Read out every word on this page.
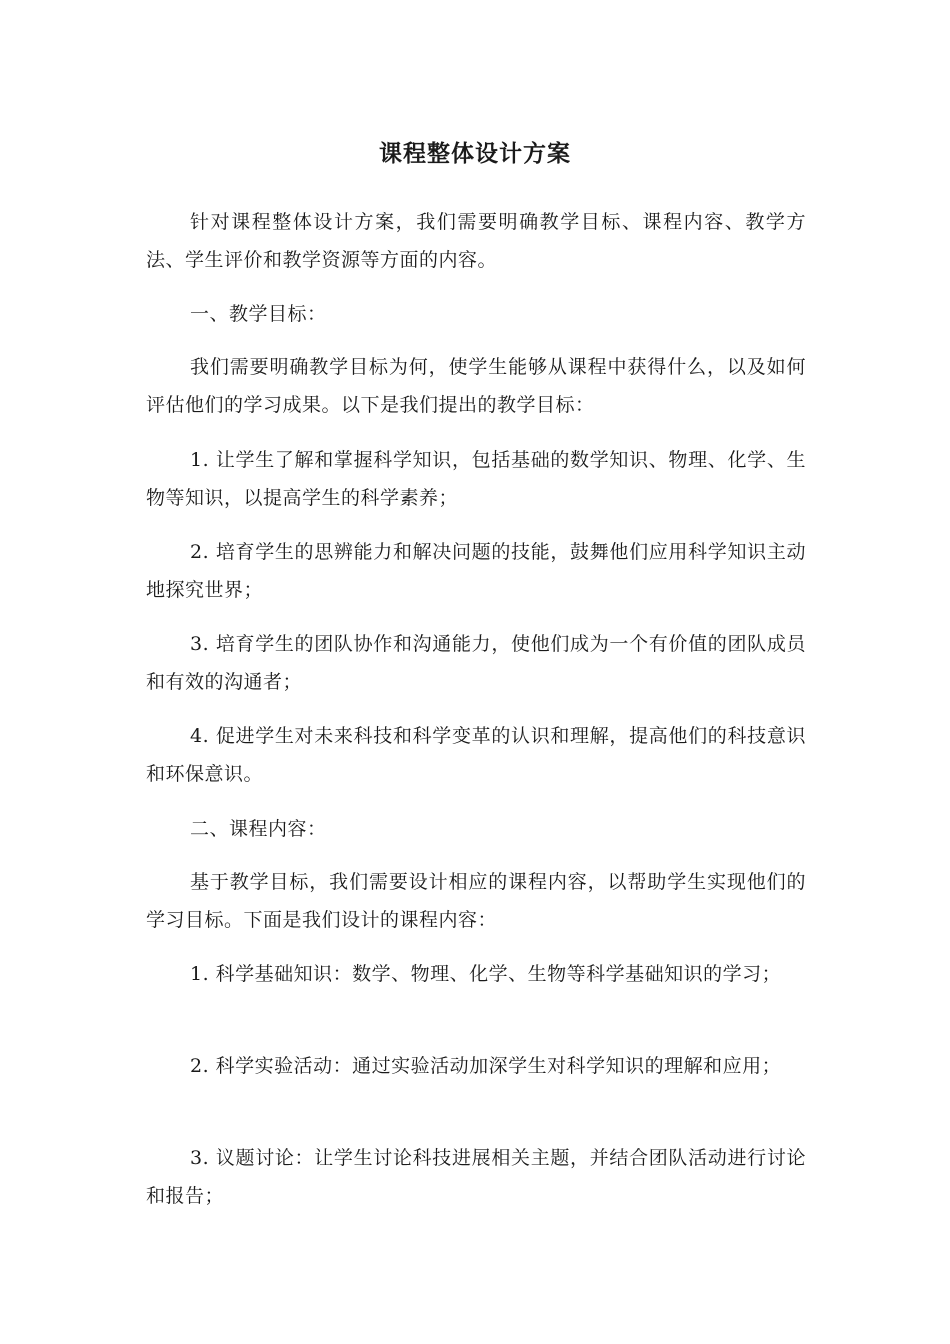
课程整体设计方案

针对课程整体设计方案，我们需要明确教学目标、课程内容、教学方法、学生评价和教学资源等方面的内容。

一、教学目标：

我们需要明确教学目标为何，使学生能够从课程中获得什么，以及如何评估他们的学习成果。以下是我们提出的教学目标：

1. 让学生了解和掌握科学知识，包括基础的数学知识、物理、化学、生物等知识，以提高学生的科学素养；

2. 培育学生的思辨能力和解决问题的技能，鼓舞他们应用科学知识主动地探究世界；

3. 培育学生的团队协作和沟通能力，使他们成为一个有价值的团队成员和有效的沟通者；

4. 促进学生对未来科技和科学变革的认识和理解，提高他们的科技意识和环保意识。

二、课程内容：

基于教学目标，我们需要设计相应的课程内容，以帮助学生实现他们的学习目标。下面是我们设计的课程内容：

1. 科学基础知识：数学、物理、化学、生物等科学基础知识的学习；

2. 科学实验活动：通过实验活动加深学生对科学知识的理解和应用；

3. 议题讨论：让学生讨论科技进展相关主题，并结合团队活动进行讨论和报告；
